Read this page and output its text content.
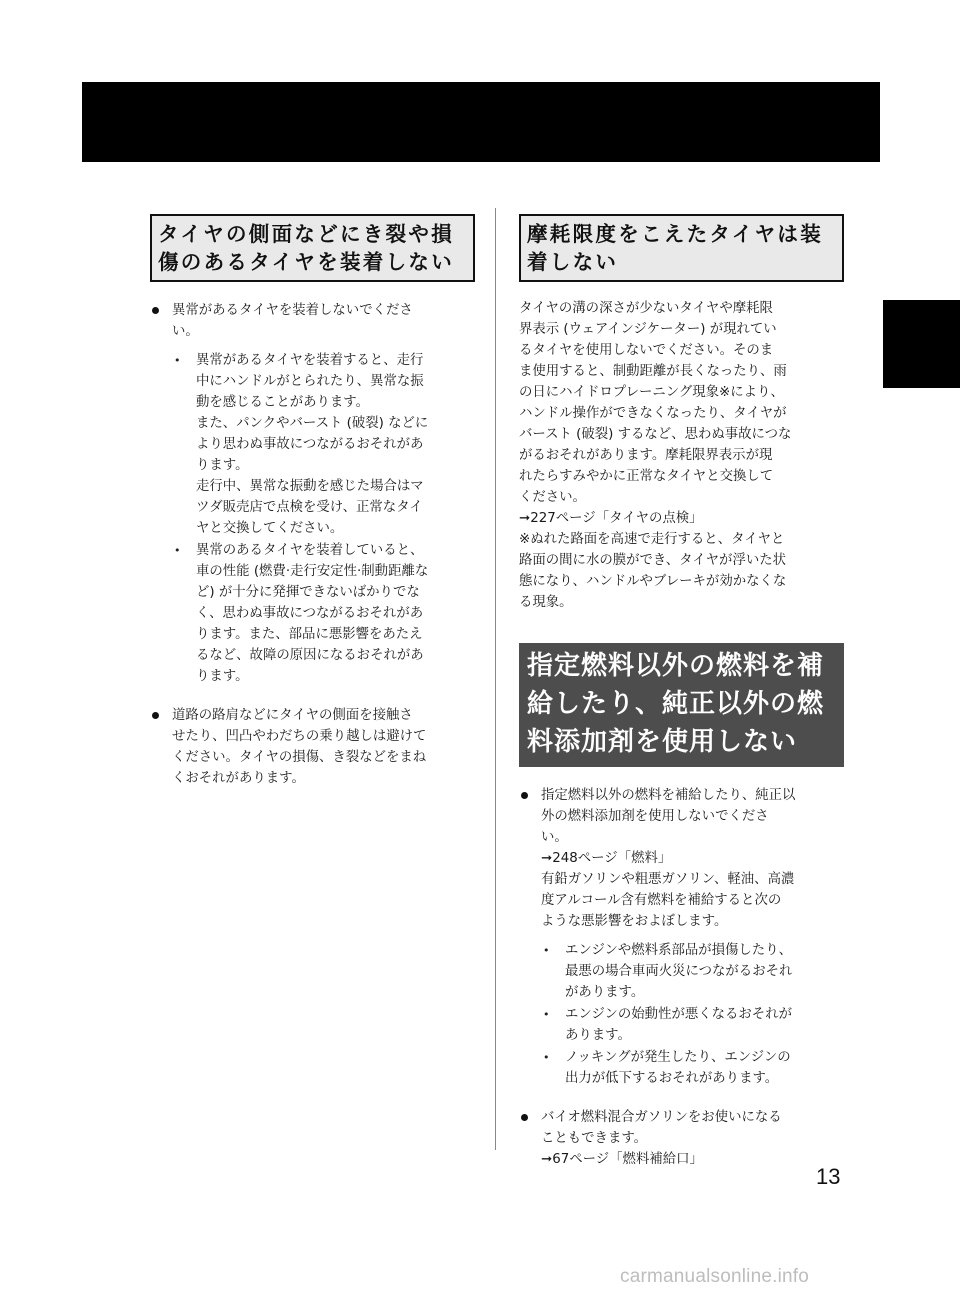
タイヤの側面などにき裂や損
傷のあるタイヤを装着しない
異常があるタイヤを装着しないでくださ
い。
• 異常があるタイヤを装着すると、走行
中にハンドルがとられたり、異常な振
動を感じることがあります。
また、パンクやバースト (破裂) などに
より思わぬ事故につながるおそれがあ
ります。
走行中、異常な振動を感じた場合はマ
ツダ販売店で点検を受け、正常なタイ
ヤと交換してください。
• 異常のあるタイヤを装着していると、
車の性能 (燃費·走行安定性·制動距離な
ど) が十分に発揮できないばかりでな
く、思わぬ事故につながるおそれがあ
ります。また、部品に悪影響をあたえ
るなど、故障の原因になるおそれがあ
ります。
道路の路肩などにタイヤの側面を接触さ
せたり、凹凸やわだちの乗り越しは避けて
ください。タイヤの損傷、き裂などをまね
くおそれがあります。
摩耗限度をこえたタイヤは装
着しない
タイヤの溝の深さが少ないタイヤや摩耗限
界表示 (ウェアインジケーター) が現れてい
るタイヤを使用しないでください。そのま
ま使用すると、制動距離が長くなったり、雨
の日にハイドロプレーニング現象※により、
ハンドル操作ができなくなったり、タイヤが
バースト (破裂) するなど、思わぬ事故につな
がるおそれがあります。摩耗限界表示が現
れたらすみやかに正常なタイヤと交換して
ください。
➞227ページ「タイヤの点検」
※ぬれた路面を高速で走行すると、タイヤと
路面の間に水の膜ができ、タイヤが浮いた状
態になり、ハンドルやブレーキが効かなくな
る現象。
指定燃料以外の燃料を補
給したり、純正以外の燃
料添加剤を使用しない
指定燃料以外の燃料を補給したり、純正以
外の燃料添加剤を使用しないでくださ
い。
➞248ページ「燃料」
有鉛ガソリンや粗悪ガソリン、軽油、高濃
度アルコール含有燃料を補給すると次の
ような悪影響をおよぼします。
• エンジンや燃料系部品が損傷したり、
最悪の場合車両火災につながるおそれ
があります。
• エンジンの始動性が悪くなるおそれが
あります。
• ノッキングが発生したり、エンジンの
出力が低下するおそれがあります。
バイオ燃料混合ガソリンをお使いになる
こともできます。
➞67ページ「燃料補給口」
13
carmanualsonline.info
